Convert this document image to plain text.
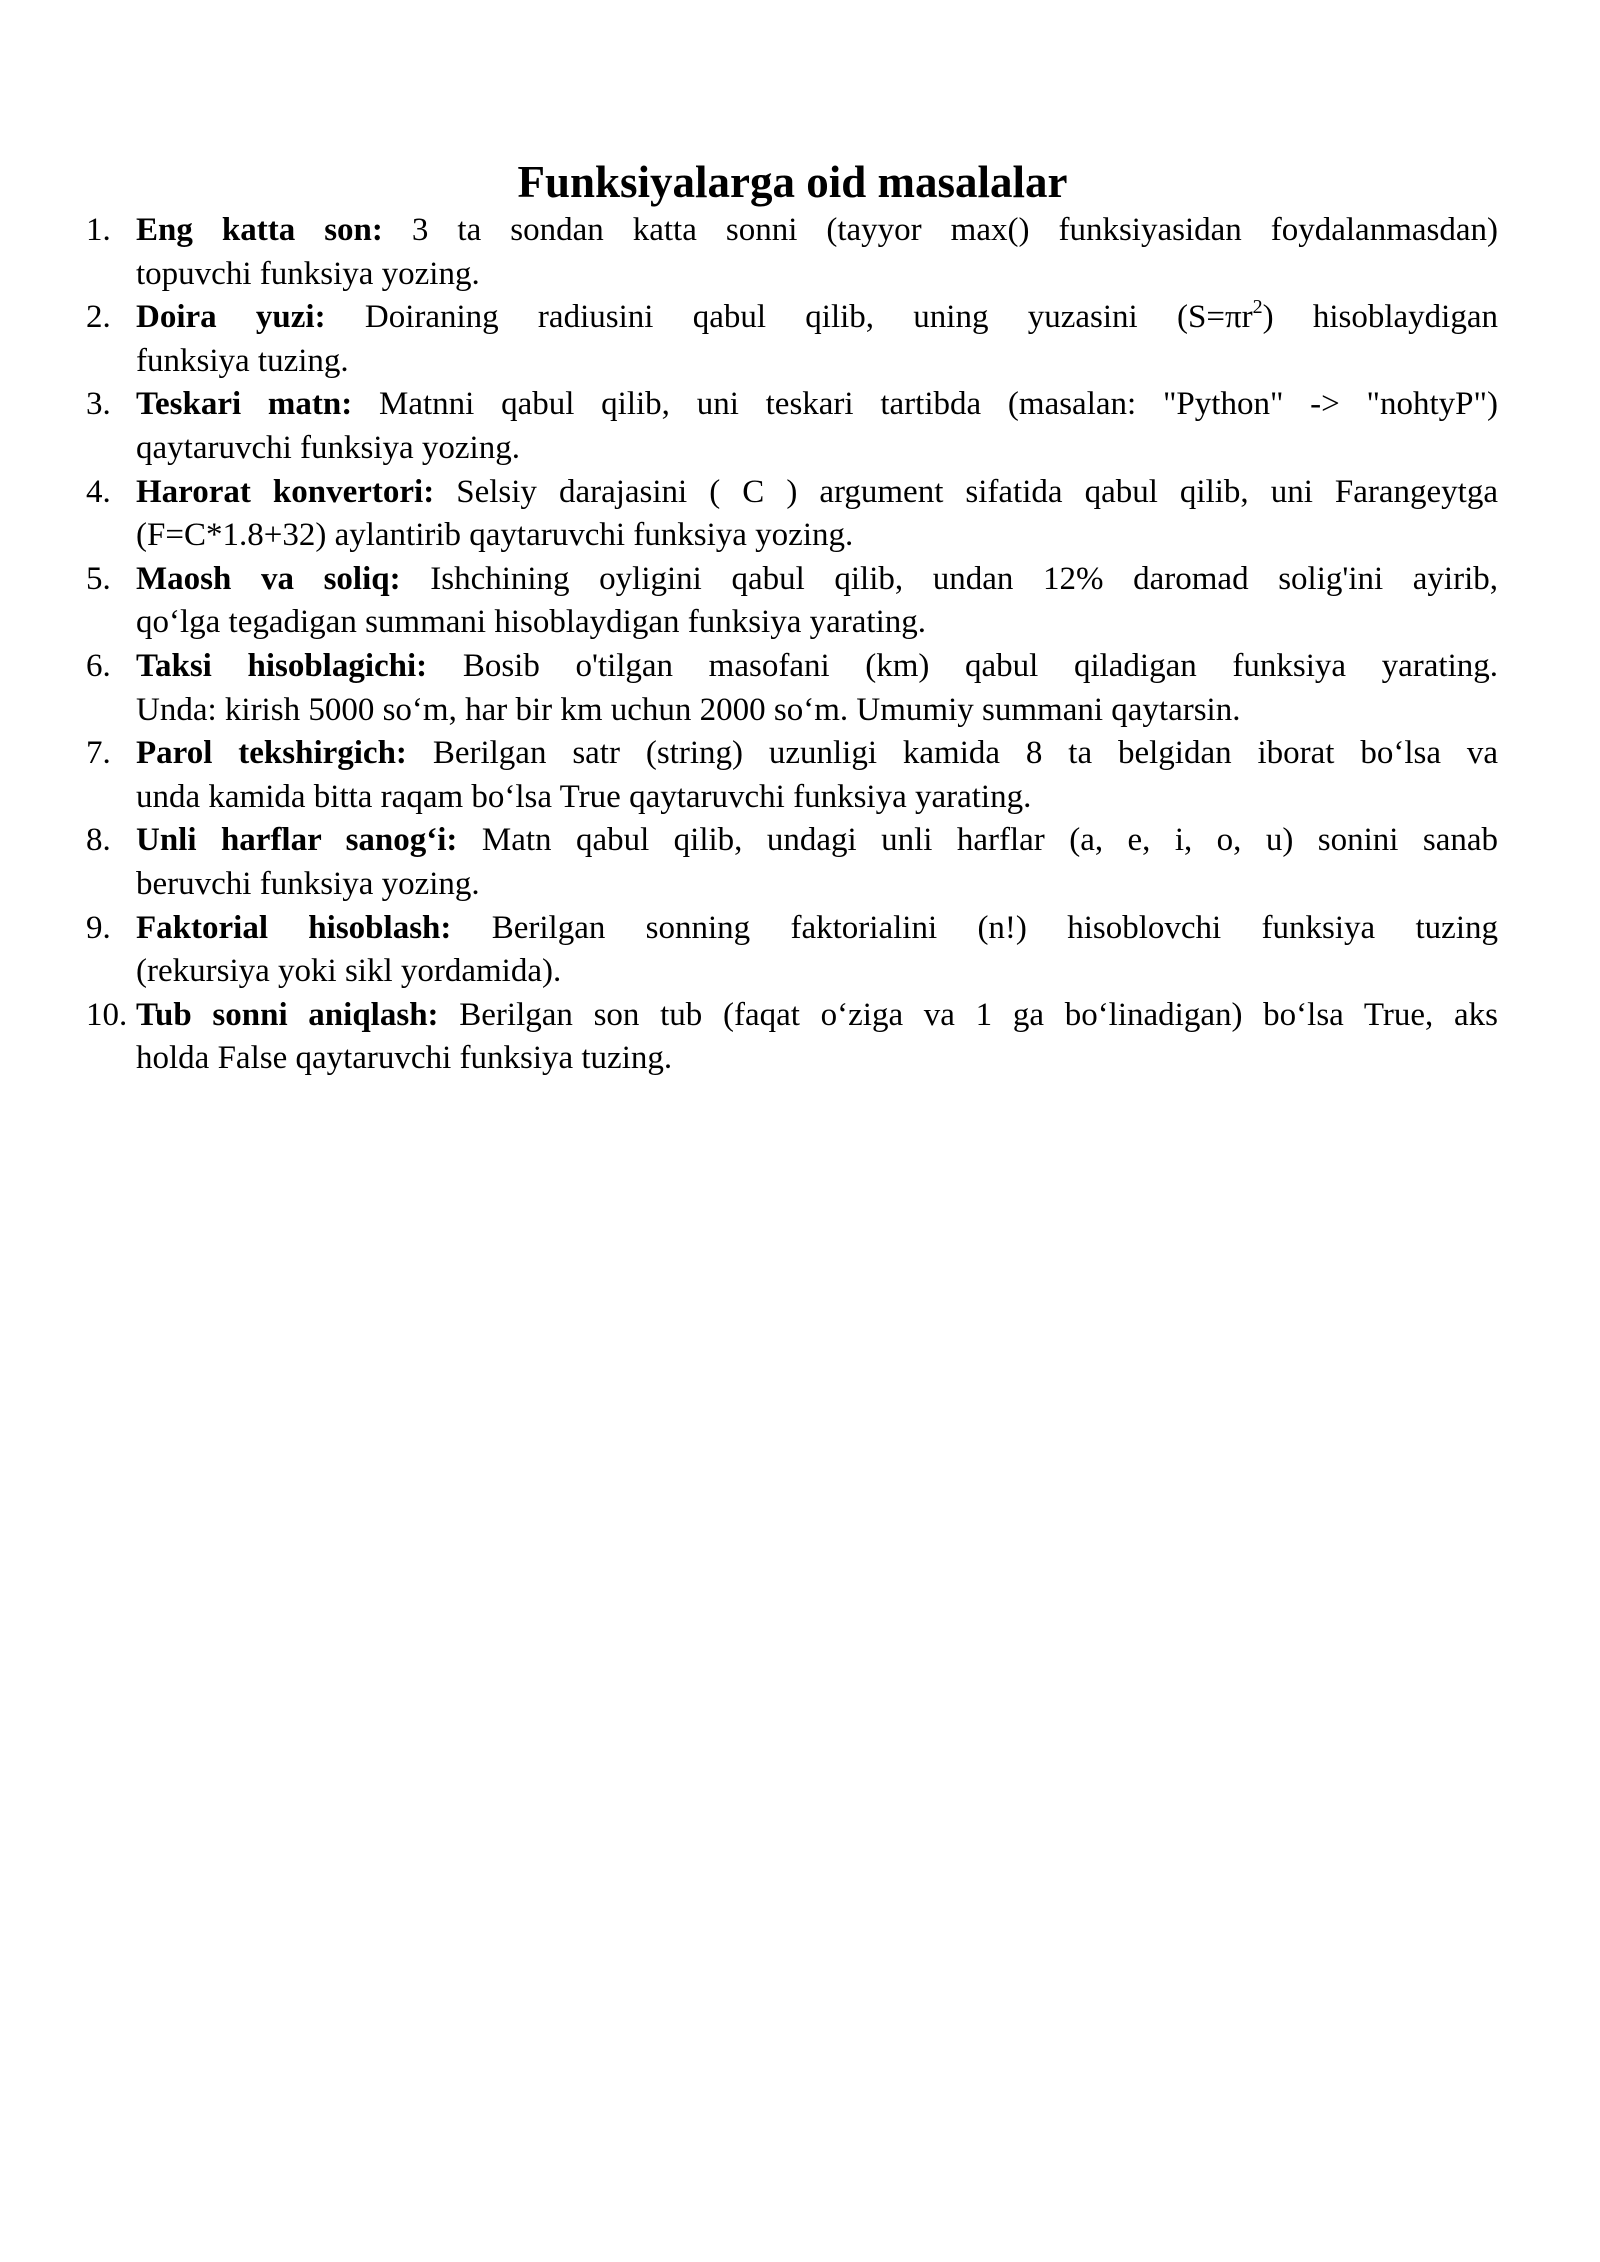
Funksiyalarga oid masalalar
1. Eng katta son: 3 ta sondan katta sonni (tayyor max() funksiyasidan foydalanmasdan)
topuvchi funksiya yozing.
2. Doira yuzi: Doiraning radiusini qabul qilib, uning yuzasini $(S=\pi r^2)$ hisoblaydigan
funksiya tuzing.
3. Teskari matn: Matnni qabul qilib, uni teskari tartibda (masalan: "Python" -> "nohtyP")
qaytaruvchi funksiya yozing.
4. Harorat konvertori: Selsiy darajasini ( C ) argument sifatida qabul qilib, uni Farangeytga
(F=C*1.8+32) aylantirib qaytaruvchi funksiya yozing.
5. Maosh va soliq: Ishchining oyligini qabul qilib, undan 12% daromad solig'ini ayirib,
qo‘lga tegadigan summani hisoblaydigan funksiya yarating.
6. Taksi hisoblagichi: Bosib o'tilgan masofani (km) qabul qiladigan funksiya yarating.
Unda: kirish 5000 so‘m, har bir km uchun 2000 so‘m. Umumiy summani qaytarsin.
7. Parol tekshirgich: Berilgan satr (string) uzunligi kamida 8 ta belgidan iborat bo‘lsa va
unda kamida bitta raqam bo‘lsa True qaytaruvchi funksiya yarating.
8. Unli harflar sanog‘i: Matn qabul qilib, undagi unli harflar (a, e, i, o, u) sonini sanab
beruvchi funksiya yozing.
9. Faktorial hisoblash: Berilgan sonning faktorialini (n!) hisoblovchi funksiya tuzing
(rekursiya yoki sikl yordamida).
10. Tub sonni aniqlash: Berilgan son tub (faqat o‘ziga va 1 ga bo‘linadigan) bo‘lsa True, aks
holda False qaytaruvchi funksiya tuzing.
